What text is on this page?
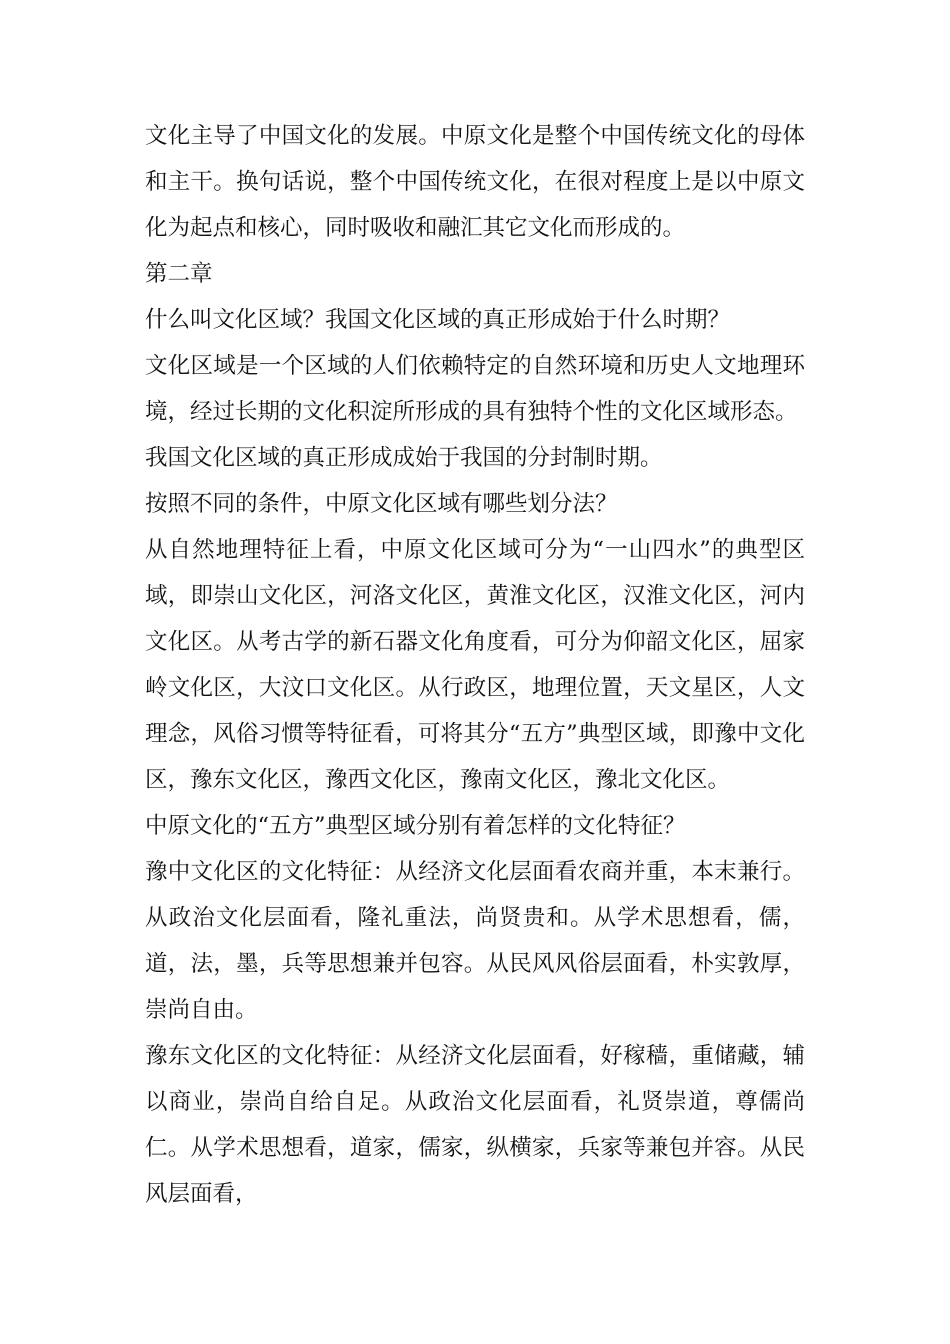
文化主导了中国文化的发展。中原文化是整个中国传统文化的母体和主干。换句话说，整个中国传统文化，在很对程度上是以中原文化为起点和核心，同时吸收和融汇其它文化而形成的。

第二章

什么叫文化区域？我国文化区域的真正形成始于什么时期？

文化区域是一个区域的人们依赖特定的自然环境和历史人文地理环境，经过长期的文化积淀所形成的具有独特个性的文化区域形态。

我国文化区域的真正形成成始于我国的分封制时期。

按照不同的条件，中原文化区域有哪些划分法？

从自然地理特征上看，中原文化区域可分为“一山四水”的典型区域，即崇山文化区，河洛文化区，黄淮文化区，汉淮文化区，河内文化区。从考古学的新石器文化角度看，可分为仰韶文化区，屈家岭文化区，大汶口文化区。从行政区，地理位置，天文星区，人文理念，风俗习惯等特征看，可将其分“五方”典型区域，即豫中文化区，豫东文化区，豫西文化区，豫南文化区，豫北文化区。

中原文化的“五方”典型区域分别有着怎样的文化特征？

豫中文化区的文化特征：从经济文化层面看农商并重，本末兼行。从政治文化层面看，隆礼重法，尚贤贵和。从学术思想看，儒，道，法，墨，兵等思想兼并包容。从民风风俗层面看，朴实敦厚，崇尚自由。

豫东文化区的文化特征：从经济文化层面看，好稼穑，重储藏，辅以商业，崇尚自给自足。从政治文化层面看，礼贤崇道，尊儒尚仁。从学术思想看，道家，儒家，纵横家，兵家等兼包并容。从民风层面看，
